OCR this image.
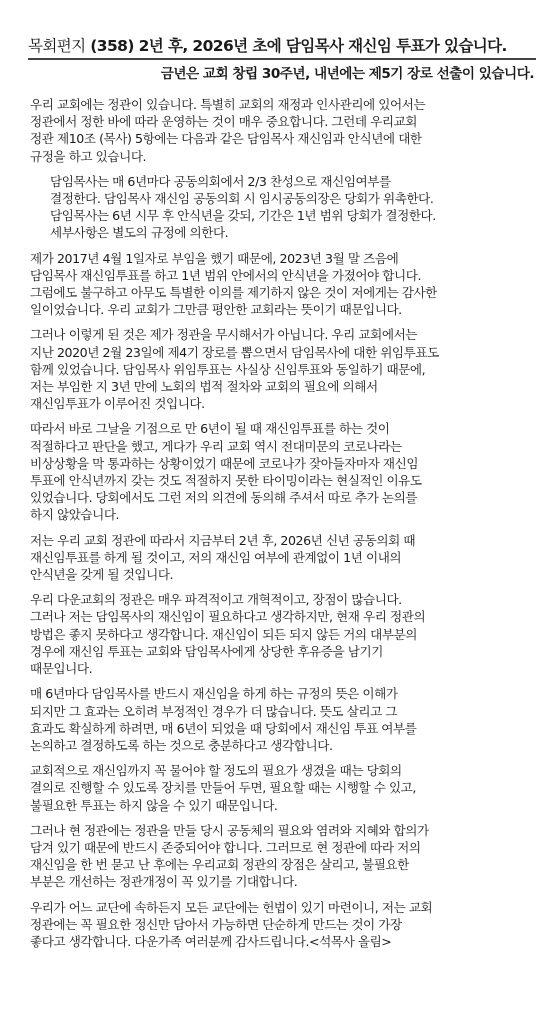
목회편지 (358) 2년 후, 2026년 초에 담임목사 재신임 투표가 있습니다.
금년은 교회 창립 30주년, 내년에는 제5기 장로 선출이 있습니다.

우리 교회에는 정관이 있습니다. 특별히 교회의 재정과 인사관리에 있어서는
정관에서 정한 바에 따라 운영하는 것이 매우 중요합니다. 그런데 우리교회
정관 제10조 (목사) 5항에는 다음과 같은 담임목사 재신임과 안식년에 대한
규정을 하고 있습니다.

담임목사는 매 6년마다 공동의회에서 2/3 찬성으로 재신임여부를
결정한다. 담임목사 재신임 공동의회 시 임시공동의장은 당회가 위촉한다.
담임목사는 6년 시무 후 안식년을 갖되, 기간은 1년 범위 당회가 결정한다.
세부사항은 별도의 규정에 의한다.

제가 2017년 4월 1일자로 부임을 했기 때문에, 2023년 3월 말 즈음에
담임목사 재신임투표를 하고 1년 범위 안에서의 안식년을 가졌어야 합니다.
그럼에도 불구하고 아무도 특별한 이의를 제기하지 않은 것이 저에게는 감사한
일이었습니다. 우리 교회가 그만큼 평안한 교회라는 뜻이기 때문입니다.

그러나 이렇게 된 것은 제가 정관을 무시해서가 아닙니다. 우리 교회에서는
지난 2020년 2월 23일에 제4기 장로를 뽑으면서 담임목사에 대한 위임투표도
함께 있었습니다. 담임목사 위임투표는 사실상 신임투표와 동일하기 때문에,
저는 부임한 지 3년 만에 노회의 법적 절차와 교회의 필요에 의해서
재신임투표가 이루어진 것입니다.

따라서 바로 그날을 기점으로 만 6년이 될 때 재신임투표를 하는 것이
적절하다고 판단을 했고, 게다가 우리 교회 역시 전대미문의 코로나라는
비상상황을 막 통과하는 상황이었기 때문에 코로나가 잦아들자마자 재신임
투표에 안식년까지 갖는 것도 적절하지 못한 타이밍이라는 현실적인 이유도
있었습니다. 당회에서도 그런 저의 의견에 동의해 주셔서 따로 추가 논의를
하지 않았습니다.

저는 우리 교회 정관에 따라서 지금부터 2년 후, 2026년 신년 공동의회 때
재신임투표를 하게 될 것이고, 저의 재신임 여부에 관계없이 1년 이내의
안식년을 갖게 될 것입니다.

우리 다운교회의 정관은 매우 파격적이고 개혁적이고, 장점이 많습니다.
그러나 저는 담임목사의 재신임이 필요하다고 생각하지만, 현재 우리 정관의
방법은 좋지 못하다고 생각합니다. 재신임이 되든 되지 않든 거의 대부분의
경우에 재신임 투표는 교회와 담임목사에게 상당한 후유증을 남기기
때문입니다.

매 6년마다 담임목사를 반드시 재신임을 하게 하는 규정의 뜻은 이해가
되지만 그 효과는 오히려 부정적인 경우가 더 많습니다. 뜻도 살리고 그
효과도 확실하게 하려면, 매 6년이 되었을 때 당회에서 재신임 투표 여부를
논의하고 결정하도록 하는 것으로 충분하다고 생각합니다.

교회적으로 재신임까지 꼭 물어야 할 정도의 필요가 생겼을 때는 당회의
결의로 진행할 수 있도록 장치를 만들어 두면, 필요할 때는 시행할 수 있고,
불필요한 투표는 하지 않을 수 있기 때문입니다.

그러나 현 정관에는 정관을 만들 당시 공동체의 필요와 염려와 지혜와 합의가
담겨 있기 때문에 반드시 존중되어야 합니다. 그러므로 현 정관에 따라 저의
재신임을 한 번 묻고 난 후에는 우리교회 정관의 장점은 살리고, 불필요한
부분은 개선하는 정관개정이 꼭 있기를 기대합니다.

우리가 어느 교단에 속하든지 모든 교단에는 헌법이 있기 마련이니, 저는 교회
정관에는 꼭 필요한 정신만 담아서 가능하면 단순하게 만드는 것이 가장
좋다고 생각합니다. 다운가족 여러분께 감사드립니다.<석목사 올림>
